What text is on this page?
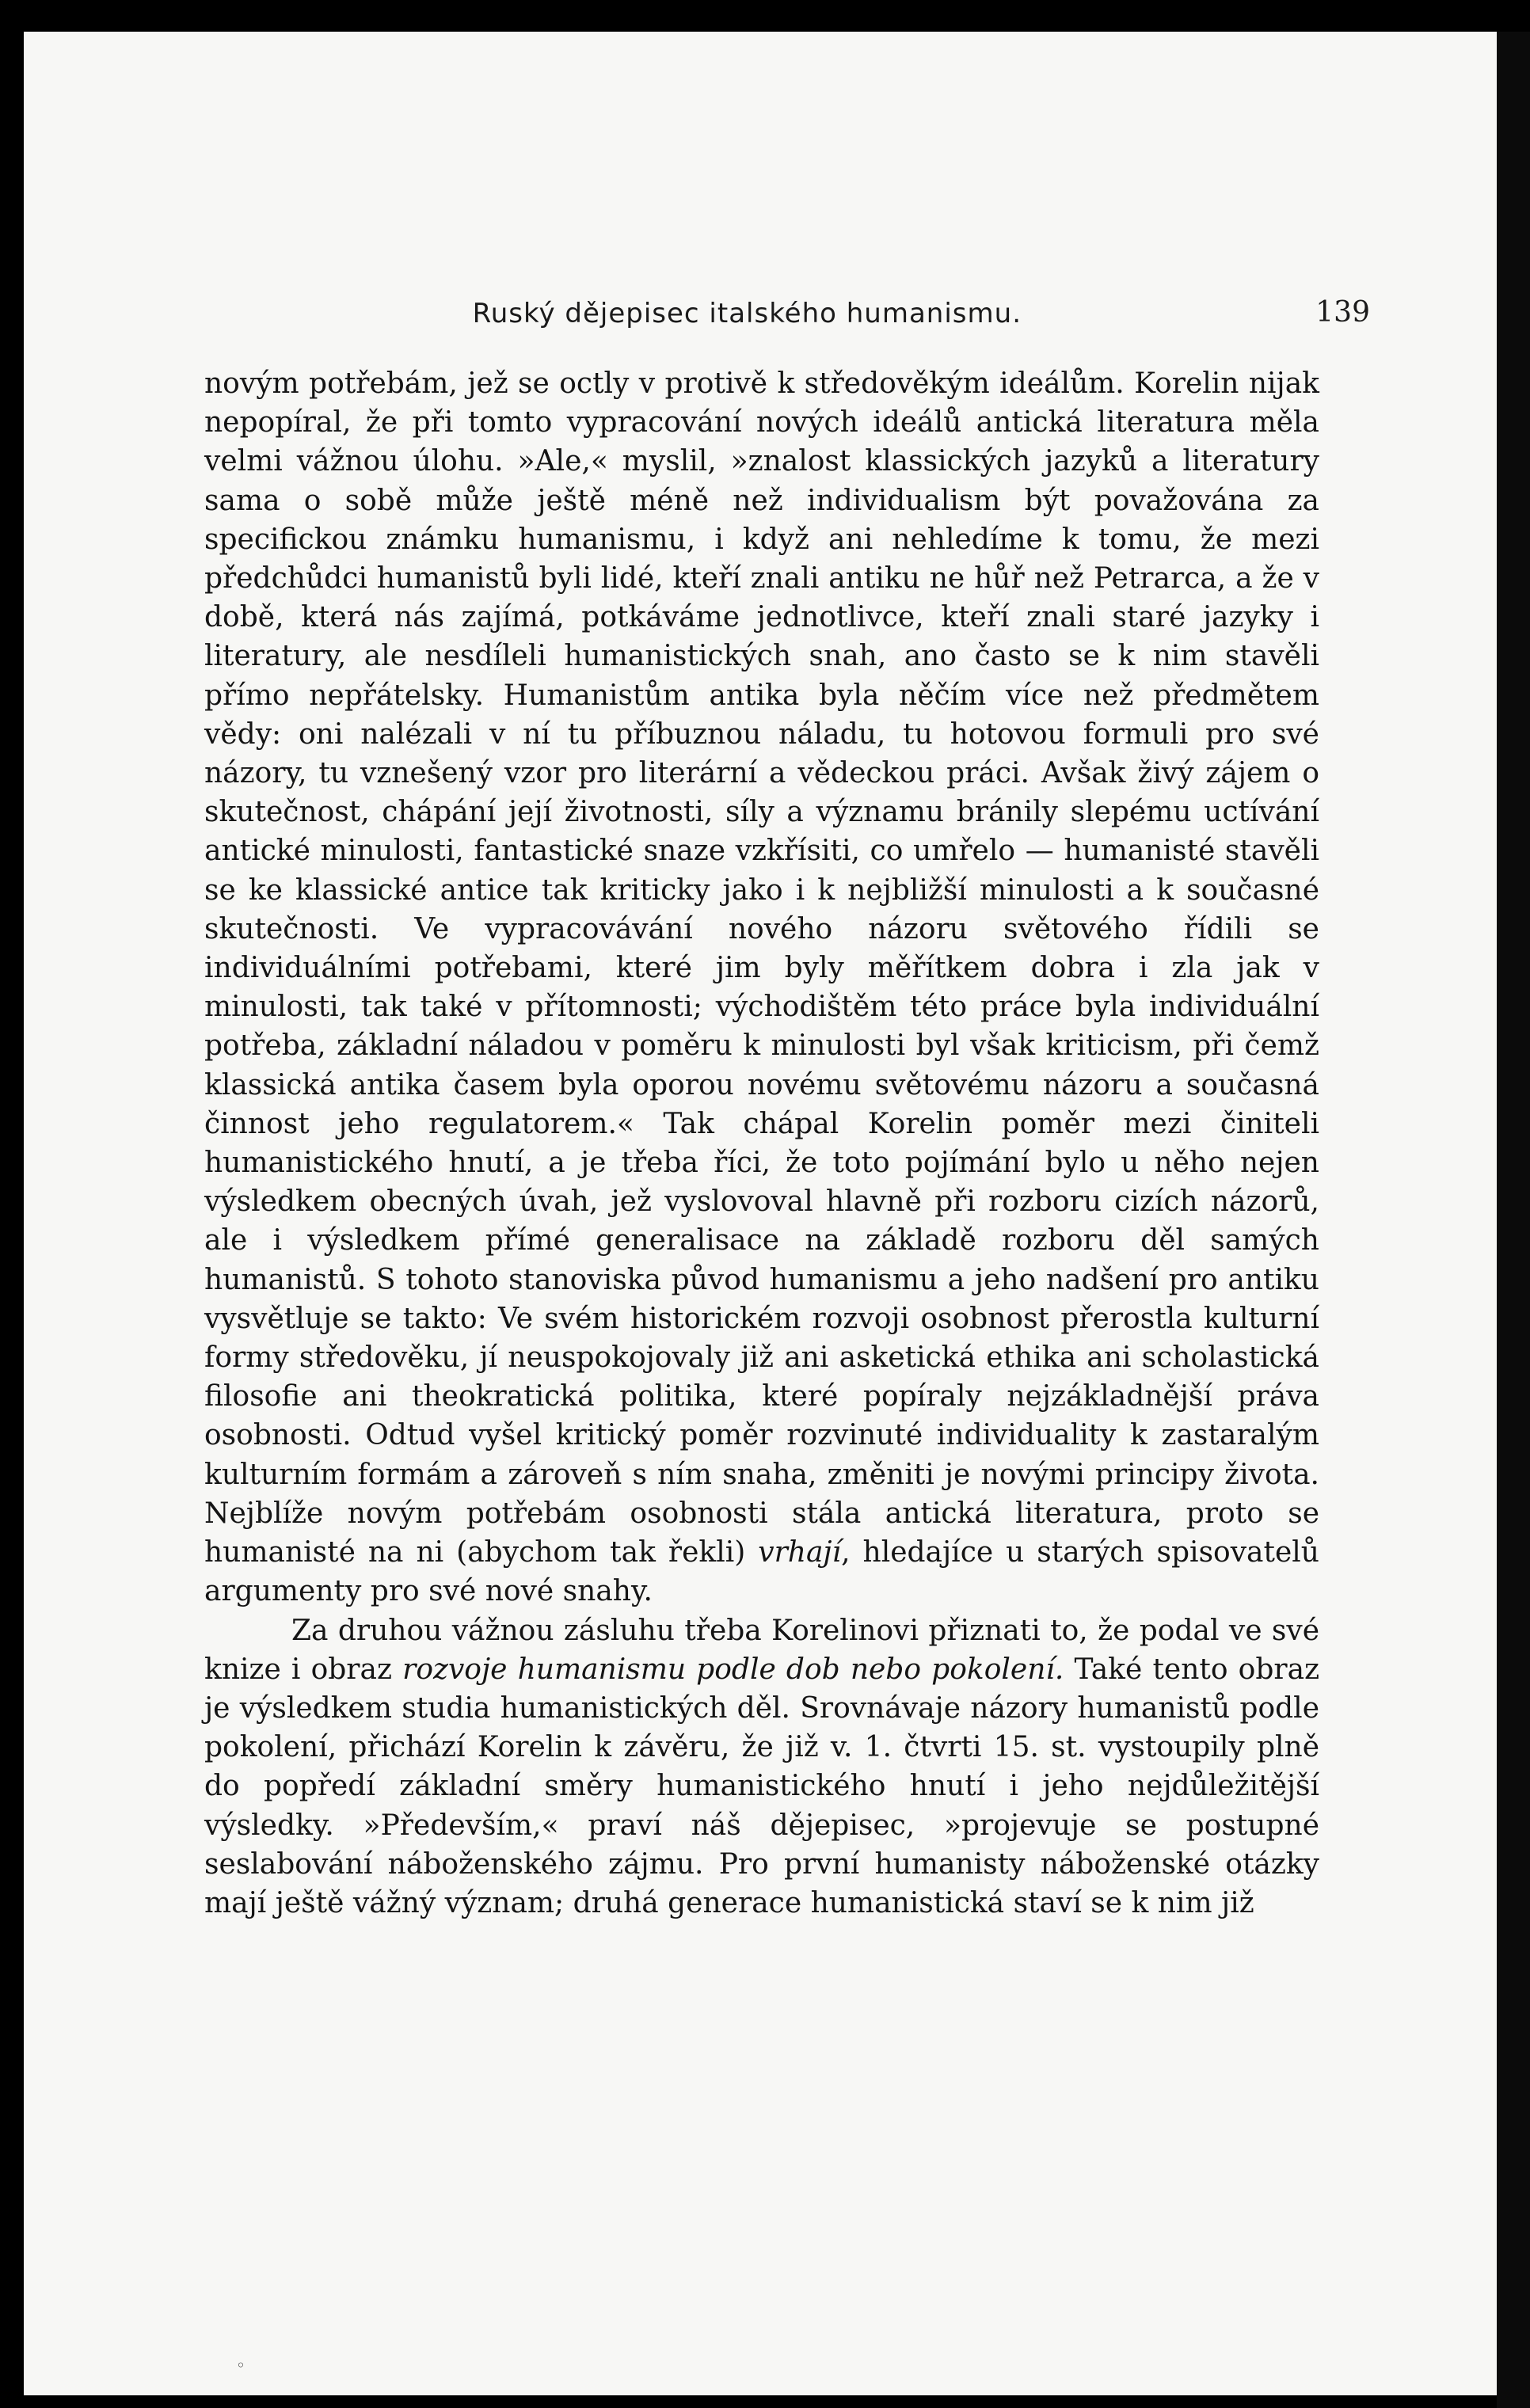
Ruský dějepisec italského humanismu.	139

novým potřebám, jež se octly v protivě k středověkým ideálům. Korelin nijak nepopíral, že při tomto vypracování nových ideálů antická literatura měla velmi vážnou úlohu. »Ale,« myslil, »znalost klassických jazyků a literatury sama o sobě může ještě méně než individualism být považována za specifickou známku humanismu, i když ani nehledíme k tomu, že mezi předchůdci humanistů byli lidé, kteří znali antiku ne hůř než Petrarca, a že v době, která nás zajímá, potkáváme jednotlivce, kteří znali staré jazyky i literatury, ale nesdíleli humanistických snah, ano často se k nim stavěli přímo nepřátelsky. Humanistům antika byla něčím více než předmětem vědy: oni nalézali v ní tu příbuznou náladu, tu hotovou formuli pro své názory, tu vznešený vzor pro literární a vědeckou práci. Avšak živý zájem o skutečnost, chápání její životnosti, síly a významu bránily slepému uctívání antické minulosti, fantastické snaze vzkřísiti, co umřelo — humanisté stavěli se ke klassické antice tak kriticky jako i k nejbližší minulosti a k současné skutečnosti. Ve vypracovávání nového názoru světového řídili se individuálními potřebami, které jim byly měřítkem dobra i zla jak v minulosti, tak také v přítomnosti; východištěm této práce byla individuální potřeba, základní náladou v poměru k minulosti byl však kriticism, při čemž klassická antika časem byla oporou novému světovému názoru a současná činnost jeho regulatorem.« Tak chápal Korelin poměr mezi činiteli humanistického hnutí, a je třeba říci, že toto pojímání bylo u něho nejen výsledkem obecných úvah, jež vyslovoval hlavně při rozboru cizích názorů, ale i výsledkem přímé generalisace na základě rozboru děl samých humanistů. S tohoto stanoviska původ humanismu a jeho nadšení pro antiku vysvětluje se takto: Ve svém historickém rozvoji osobnost přerostla kulturní formy středověku, jí neuspokojovaly již ani asketická ethika ani scholastická filosofie ani theokratická politika, které popíraly nejzákladnější práva osobnosti. Odtud vyšel kritický poměr rozvinuté individuality k zastaralým kulturním formám a zároveň s ním snaha, změniti je novými principy života. Nejblíže novým potřebám osobnosti stála antická literatura, proto se humanisté na ni (abychom tak řekli) vrhají, hledajíce u starých spisovatelů argumenty pro své nové snahy.

Za druhou vážnou zásluhu třeba Korelinovi přiznati to, že podal ve své knize i obraz rozvoje humanismu podle dob nebo pokolení. Také tento obraz je výsledkem studia humanistických děl. Srovnávaje názory humanistů podle pokolení, přichází Korelin k závěru, že již v. 1. čtvrti 15. st. vystoupily plně do popředí základní směry humanistického hnutí i jeho nejdůležitější výsledky. »Především,« praví náš dějepisec, »projevuje se postupné seslabování náboženského zájmu. Pro první humanisty náboženské otázky mají ještě vážný význam; druhá generace humanistická staví se k nim již

◦
